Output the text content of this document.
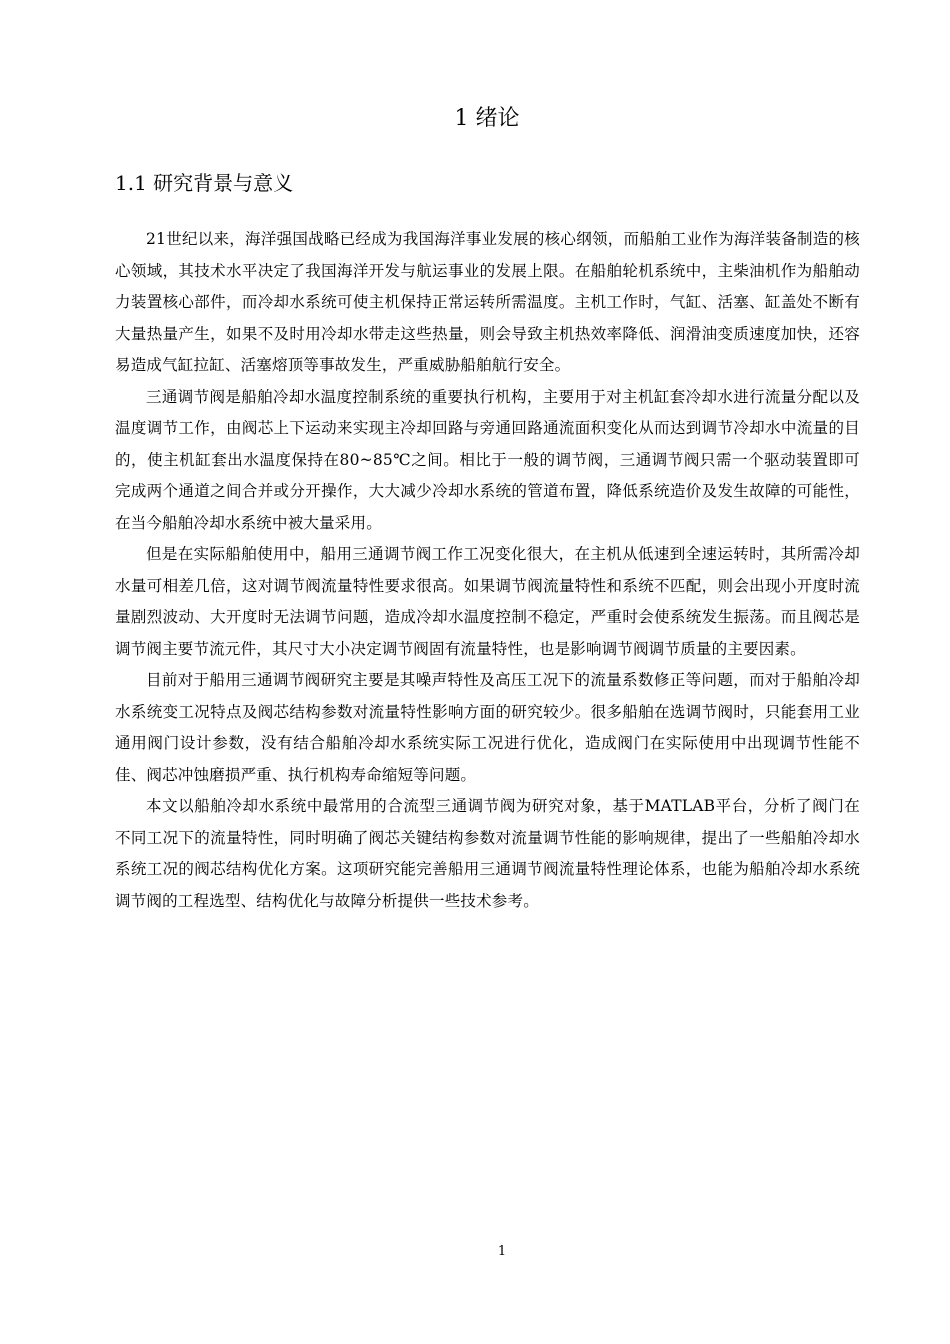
1 绪论
1.1 研究背景与意义

21世纪以来，海洋强国战略已经成为我国海洋事业发展的核心纲领，而船舶工业作为海洋装备制造的核心领域，其技术水平决定了我国海洋开发与航运事业的发展上限。在船舶轮机系统中，主柴油机作为船舶动力装置核心部件，而冷却水系统可使主机保持正常运转所需温度。主机工作时，气缸、活塞、缸盖处不断有大量热量产生，如果不及时用冷却水带走这些热量，则会导致主机热效率降低、润滑油变质速度加快，还容易造成气缸拉缸、活塞熔顶等事故发生，严重威胁船舶航行安全。

三通调节阀是船舶冷却水温度控制系统的重要执行机构，主要用于对主机缸套冷却水进行流量分配以及温度调节工作，由阀芯上下运动来实现主冷却回路与旁通回路通流面积变化从而达到调节冷却水中流量的目的，使主机缸套出水温度保持在80~85℃之间。相比于一般的调节阀，三通调节阀只需一个驱动装置即可完成两个通道之间合并或分开操作，大大减少冷却水系统的管道布置，降低系统造价及发生故障的可能性，在当今船舶冷却水系统中被大量采用。

但是在实际船舶使用中，船用三通调节阀工作工况变化很大，在主机从低速到全速运转时，其所需冷却水量可相差几倍，这对调节阀流量特性要求很高。如果调节阀流量特性和系统不匹配，则会出现小开度时流量剧烈波动、大开度时无法调节问题，造成冷却水温度控制不稳定，严重时会使系统发生振荡。而且阀芯是调节阀主要节流元件，其尺寸大小决定调节阀固有流量特性，也是影响调节阀调节质量的主要因素。

目前对于船用三通调节阀研究主要是其噪声特性及高压工况下的流量系数修正等问题，而对于船舶冷却水系统变工况特点及阀芯结构参数对流量特性影响方面的研究较少。很多船舶在选调节阀时，只能套用工业通用阀门设计参数，没有结合船舶冷却水系统实际工况进行优化，造成阀门在实际使用中出现调节性能不佳、阀芯冲蚀磨损严重、执行机构寿命缩短等问题。

本文以船舶冷却水系统中最常用的合流型三通调节阀为研究对象，基于MATLAB平台，分析了阀门在不同工况下的流量特性，同时明确了阀芯关键结构参数对流量调节性能的影响规律，提出了一些船舶冷却水系统工况的阀芯结构优化方案。这项研究能完善船用三通调节阀流量特性理论体系，也能为船舶冷却水系统调节阀的工程选型、结构优化与故障分析提供一些技术参考。

1
